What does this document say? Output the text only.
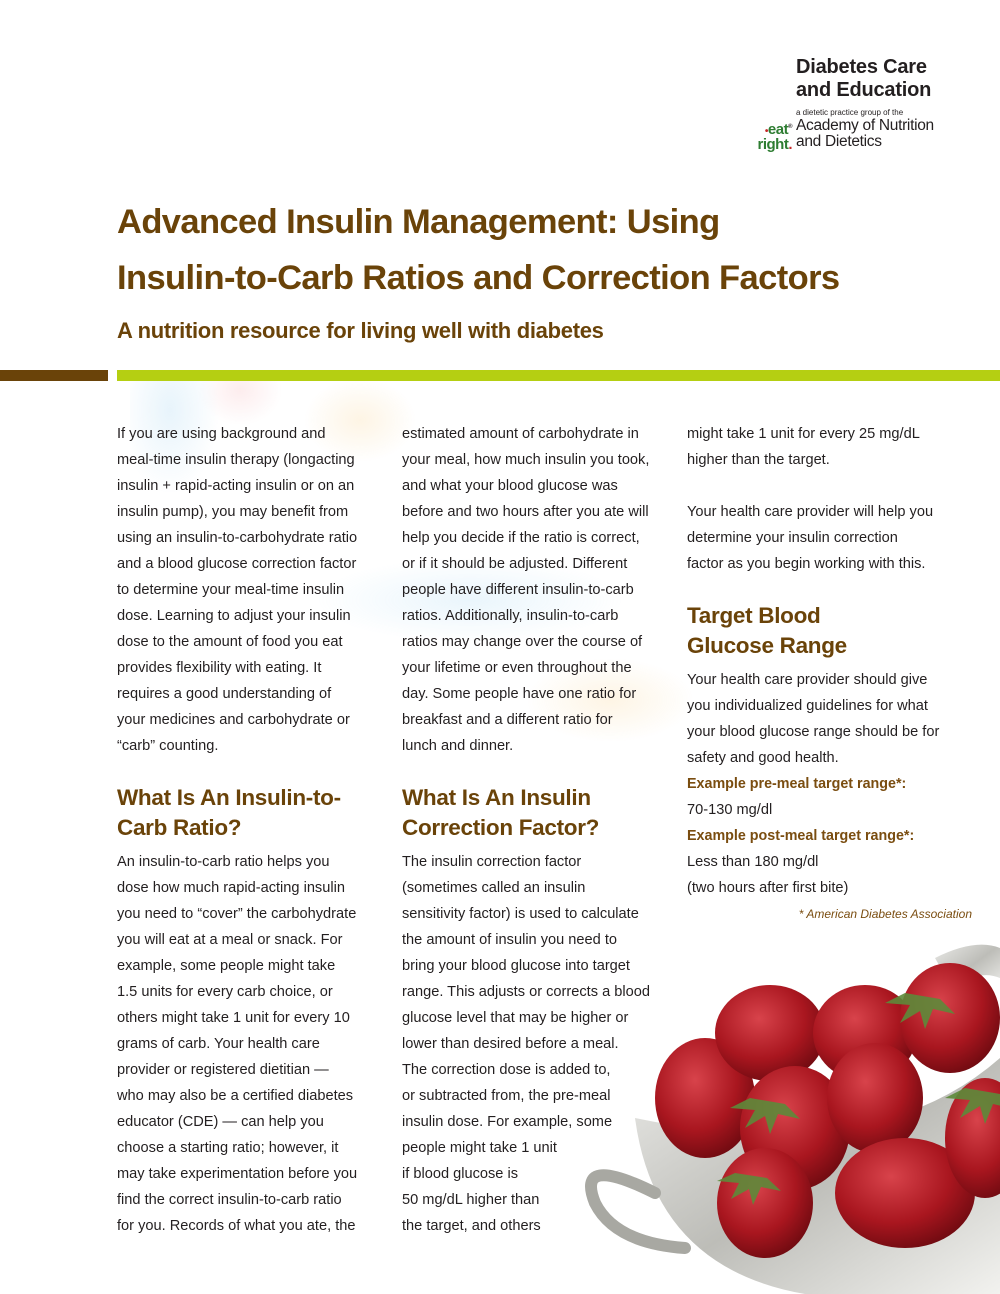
Diabetes Care
and Education
a dietetic practice group of the
Academy of Nutrition
and Dietetics
•eat®
right.
Advanced Insulin Management: Using
Insulin-to-Carb Ratios and Correction Factors
A nutrition resource for living well with diabetes

If you are using background and
meal-time insulin therapy (longacting
insulin + rapid-acting insulin or on an
insulin pump), you may benefit from
using an insulin-to-carbohydrate ratio
and a blood glucose correction factor
to determine your meal-time insulin
dose. Learning to adjust your insulin
dose to the amount of food you eat
provides flexibility with eating. It
requires a good understanding of
your medicines and carbohydrate or
“carb” counting.

What Is An Insulin-to-
Carb Ratio?

An insulin-to-carb ratio helps you
dose how much rapid-acting insulin
you need to “cover” the carbohydrate
you will eat at a meal or snack. For
example, some people might take
1.5 units for every carb choice, or
others might take 1 unit for every 10
grams of carb. Your health care
provider or registered dietitian —
who may also be a certified diabetes
educator (CDE) — can help you
choose a starting ratio; however, it
may take experimentation before you
find the correct insulin-to-carb ratio
for you. Records of what you ate, the

estimated amount of carbohydrate in
your meal, how much insulin you took,
and what your blood glucose was
before and two hours after you ate will
help you decide if the ratio is correct,
or if it should be adjusted. Different
people have different insulin-to-carb
ratios. Additionally, insulin-to-carb
ratios may change over the course of
your lifetime or even throughout the
day. Some people have one ratio for
breakfast and a different ratio for
lunch and dinner.

What Is An Insulin
Correction Factor?

The insulin correction factor
(sometimes called an insulin
sensitivity factor) is used to calculate
the amount of insulin you need to
bring your blood glucose into target
range. This adjusts or corrects a blood
glucose level that may be higher or
lower than desired before a meal.
The correction dose is added to,
or subtracted from, the pre-meal
insulin dose. For example, some
people might take 1 unit
if blood glucose is
50 mg/dL higher than
the target, and others

might take 1 unit for every 25 mg/dL
higher than the target.

Your health care provider will help you
determine your insulin correction
factor as you begin working with this.

Target Blood
Glucose Range

Your health care provider should give
you individualized guidelines for what
your blood glucose range should be for
safety and good health.

Example pre-meal target range*:
70-130 mg/dl

Example post-meal target range*:
Less than 180 mg/dl
(two hours after first bite)

* American Diabetes Association
